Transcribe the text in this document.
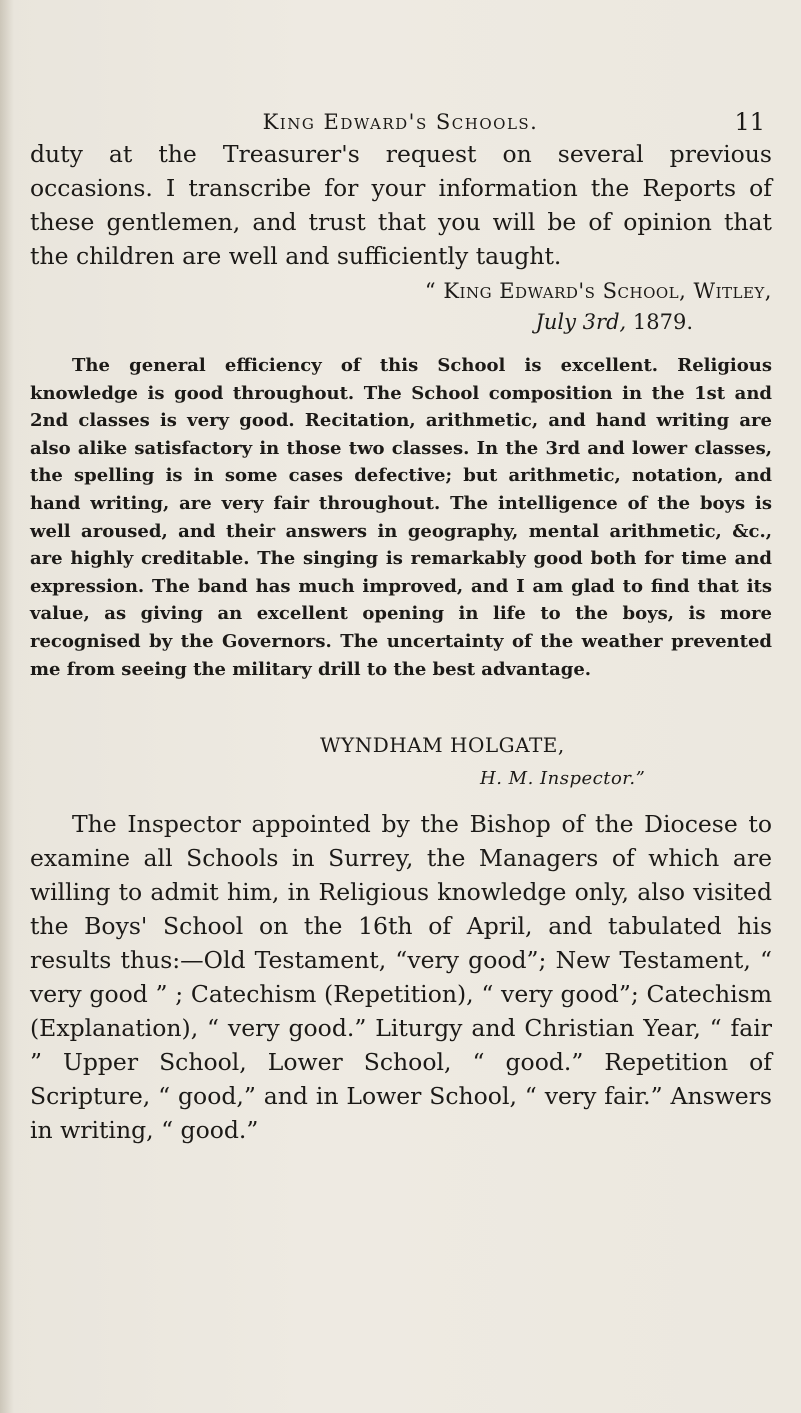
King Edward's Schools.	11

duty at the Treasurer's request on several previous occasions. I transcribe for your information the Reports of these gentlemen, and trust that you will be of opinion that the children are well and sufficiently taught.

“ King Edward's School, Witley,
July 3rd, 1879.

The general efficiency of this School is excellent. Religious knowledge is good throughout. The School composition in the 1st and 2nd classes is very good. Recitation, arithmetic, and hand writing are also alike satisfactory in those two classes. In the 3rd and lower classes, the spelling is in some cases defective; but arithmetic, notation, and hand writing, are very fair throughout. The intelligence of the boys is well aroused, and their answers in geography, mental arithmetic, &c., are highly creditable. The singing is remarkably good both for time and expression. The band has much improved, and I am glad to find that its value, as giving an excellent opening in life to the boys, is more recognised by the Governors. The uncertainty of the weather prevented me from seeing the military drill to the best advantage.

WYNDHAM HOLGATE,
H. M. Inspector.”

The Inspector appointed by the Bishop of the Diocese to examine all Schools in Surrey, the Managers of which are willing to admit him, in Religious knowledge only, also visited the Boys' School on the 16th of April, and tabulated his results thus:—Old Testament, “very good”; New Testament, “ very good ” ; Catechism (Repetition), “ very good”; Catechism (Explanation), “ very good.” Liturgy and Christian Year, “ fair ” Upper School, Lower School, “ good.” Repetition of Scripture, “ good,” and in Lower School, “ very fair.” Answers in writing, “ good.”
